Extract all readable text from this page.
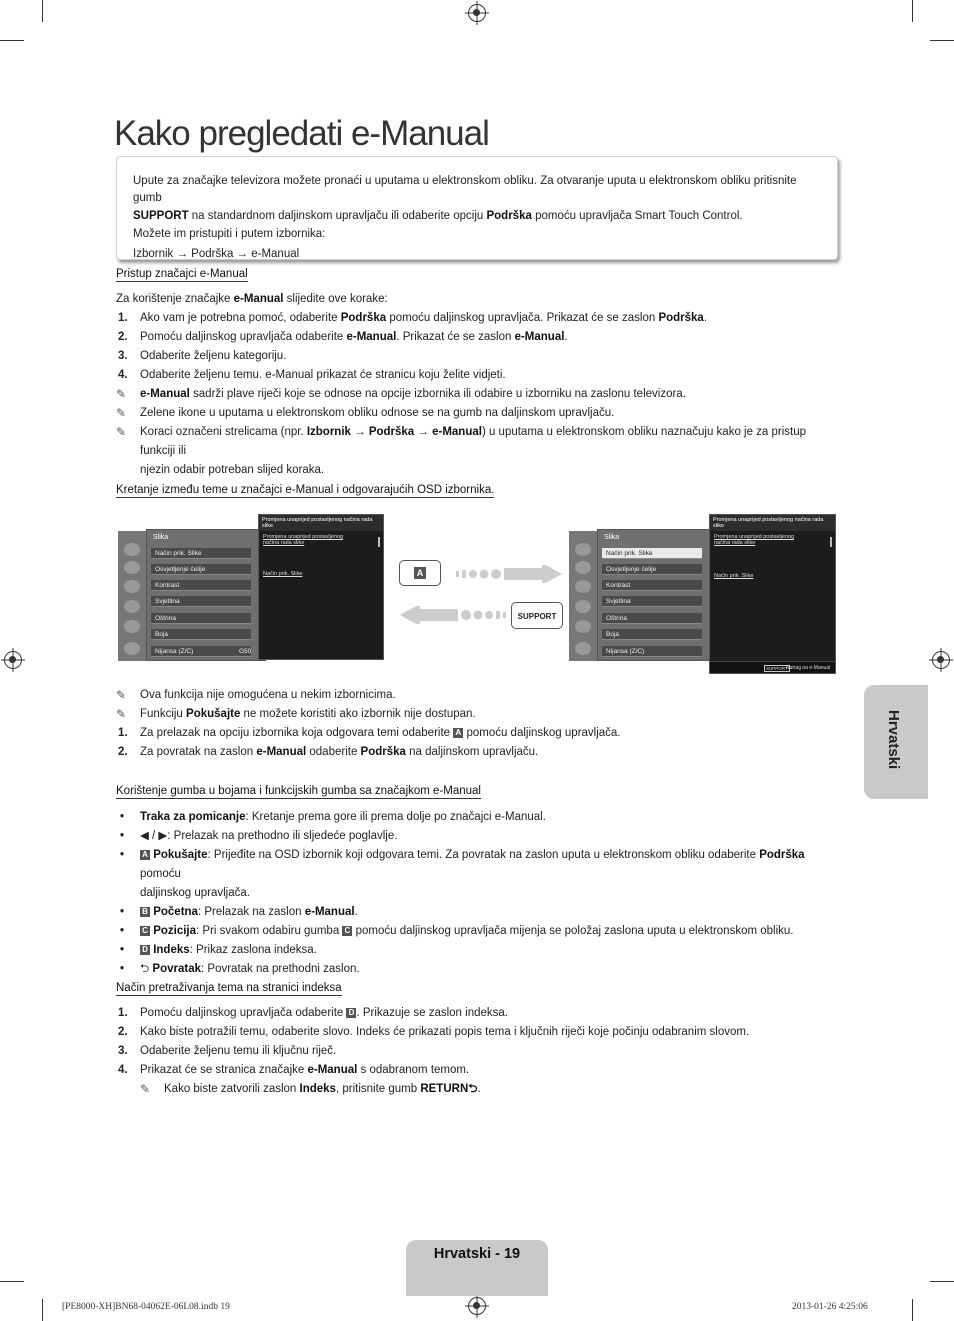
Kako pregledati e-Manual

Upute za značajke televizora možete pronaći u uputama u elektronskom obliku. Za otvaranje uputa u elektronskom obliku pritisnite gumb

SUPPORT na standardnom daljinskom upravljaču ili odaberite opciju Podrška pomoću upravljača Smart Touch Control.

Možete im pristupiti i putem izbornika:

Izbornik → Podrška → e-Manual

Pristup značajci e-Manual
Za korištenje značajke e-Manual slijedite ove korake:
1. Ako vam je potrebna pomoć, odaberite Podrška pomoću daljinskog upravljača. Prikazat će se zaslon Podrška.
2. Pomoću daljinskog upravljača odaberite e-Manual. Prikazat će se zaslon e-Manual.
3. Odaberite željenu kategoriju.
4. Odaberite željenu temu. e-Manual prikazat će stranicu koju želite vidjeti.
✎ e-Manual sadrži plave riječi koje se odnose na opcije izbornika ili odabire u izborniku na zaslonu televizora.
✎ Zelene ikone u uputama u elektronskom obliku odnose se na gumb na daljinskom upravljaču.
✎ Koraci označeni strelicama (npr. Izbornik → Podrška → e-Manual) u uputama u elektronskom obliku naznačuju kako je za pristup funkciji ili
njezin odabir potreban slijed koraka.
Kretanje između teme u značajci e-Manual i odgovarajućih OSD izbornika.
Slika
Način prik. Slike
Osvjetljenje ćelije
Kontrast
Svjetlina
Oštrina
Boja
Nijansa (Z/C)	G50
Promjena unaprijed postavljenog načina rada slike
Promjena unaprijed postavljenog načina rada slike
Način prik. Slike	A
SUPPORT
Slika
Način prik. Slike
Osvjetljenje ćelije
Kontrast
Svjetlina
Oštrina
Boja
Nijansa (Z/C)
Promjena unaprijed postavljenog načina rada slike
Promjena unaprijed postavljenog načina rada slike
Način prik. Slike
SUPPORT
Natrag na e-Manual
✎ Ova funkcija nije omogućena u nekim izbornicima.
✎ Funkciju Pokušajte ne možete koristiti ako izbornik nije dostupan.
1. Za prelazak na opciju izbornika koja odgovara temi odaberite A pomoću daljinskog upravljača.
2. Za povratak na zaslon e-Manual odaberite Podrška na daljinskom upravljaču.
Korištenje gumba u bojama i funkcijskih gumba sa značajkom e-Manual
• Traka za pomicanje: Kretanje prema gore ili prema dolje po značajci e-Manual.
• ◀ / ▶: Prelazak na prethodno ili sljedeće poglavlje.
• A Pokušajte: Prijeđite na OSD izbornik koji odgovara temi. Za povratak na zaslon uputa u elektronskom obliku odaberite Podrška pomoću
daljinskog upravljača.
• B Početna: Prelazak na zaslon e-Manual.
• C Pozicija: Pri svakom odabiru gumba C pomoću daljinskog upravljača mijenja se položaj zaslona uputa u elektronskom obliku.
• D Indeks: Prikaz zaslona indeksa.
• ⮌ Povratak: Povratak na prethodni zaslon.
Način pretraživanja tema na stranici indeksa
1. Pomoću daljinskog upravljača odaberite D . Prikazuje se zaslon indeksa.
2. Kako biste potražili temu, odaberite slovo. Indeks će prikazati popis tema i ključnih riječi koje počinju odabranim slovom.
3. Odaberite željenu temu ili ključnu riječ.
4. Prikazat će se stranica značajke e-Manual s odabranom temom.
✎ Kako biste zatvorili zaslon Indeks, pritisnite gumb RETURN⮌.
Hrvatski
Hrvatski - 19
[PE8000-XH]BN68-04062E-06L08.indb 19	2013-01-26 4:25:06
